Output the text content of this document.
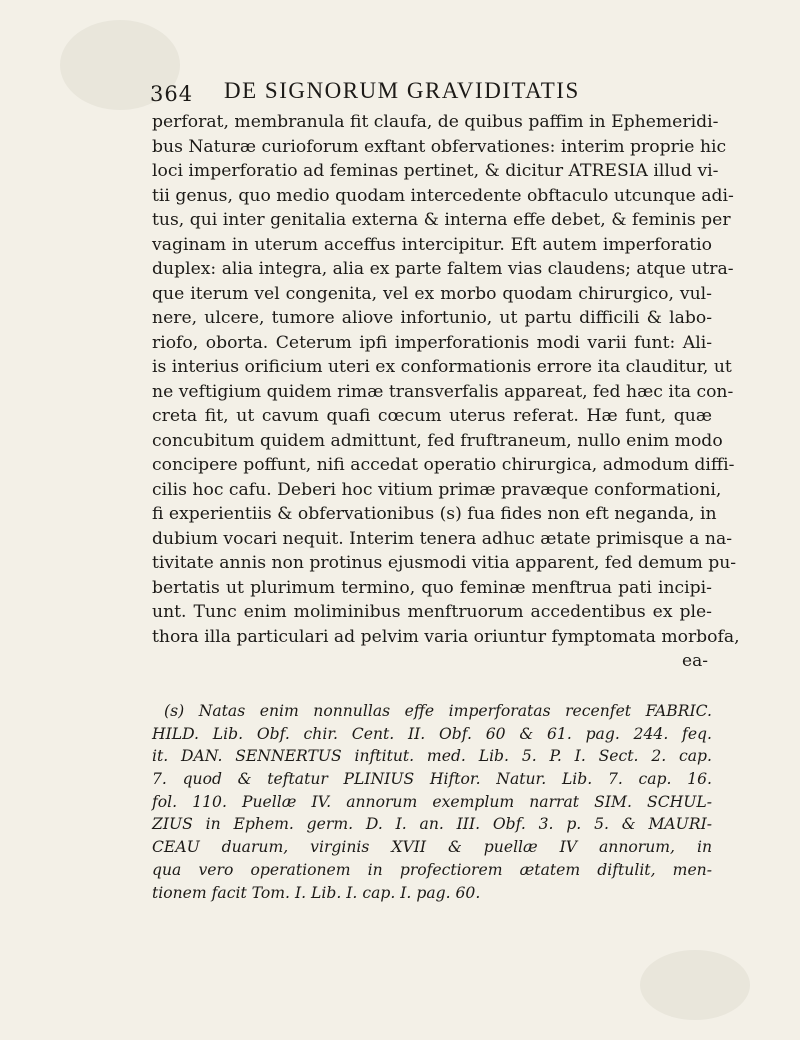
364 DE SIGNORUM GRAVIDITATIS
perforat, membranula fit claufa, de quibus paffim in Ephemeridi-
bus Naturæ curioforum exftant obfervationes: interim proprie hic
loci imperforatio ad feminas pertinet, & dicitur ATRESIA illud vi-
tii genus, quo medio quodam intercedente obftaculo utcunque adi-
tus, qui inter genitalia externa & interna effe debet, & feminis per
vaginam in uterum acceffus intercipitur. Eft autem imperforatio
duplex: alia integra, alia ex parte faltem vias claudens; atque utra-
que iterum vel congenita, vel ex morbo quodam chirurgico, vul-
nere, ulcere, tumore aliove infortunio, ut partu difficili & labo-
riofo, oborta. Ceterum ipfi imperforationis modi varii funt: Ali-
is interius orificium uteri ex conformationis errore ita clauditur, ut
ne veftigium quidem rimæ transverfalis appareat, fed hæc ita con-
creta fit, ut cavum quafi cœcum uterus referat. Hæ funt, quæ
concubitum quidem admittunt, fed fruftraneum, nullo enim modo
concipere poffunt, nifi accedat operatio chirurgica, admodum diffi-
cilis hoc cafu. Deberi hoc vitium primæ pravæque conformationi,
fi experientiis & obfervationibus (s) fua fides non eft neganda, in
dubium vocari nequit. Interim tenera adhuc ætate primisque a na-
tivitate annis non protinus ejusmodi vitia apparent, fed demum pu-
bertatis ut plurimum termino, quo feminæ menftrua pati incipi-
unt. Tunc enim moliminibus menftruorum accedentibus ex ple-
thora illa particulari ad pelvim varia oriuntur fymptomata morbofa,
ea-
(s) Natas enim nonnullas effe imperforatas recenfet FABRIC.
HILD. Lib. Obf. chir. Cent. II. Obf. 60 & 61. pag. 244. feq.
it. DAN. SENNERTUS inftitut. med. Lib. 5. P. I. Sect. 2. cap.
7. quod & teftatur PLINIUS Hiftor. Natur. Lib. 7. cap. 16.
fol. 110. Puellæ IV. annorum exemplum narrat SIM. SCHUL-
ZIUS in Ephem. germ. D. I. an. III. Obf. 3. p. 5. & MAURI-
CEAU duarum, virginis XVII & puellæ IV annorum, in
qua vero operationem in profectiorem ætatem diftulit, men-
tionem facit Tom. I. Lib. I. cap. I. pag. 60.
